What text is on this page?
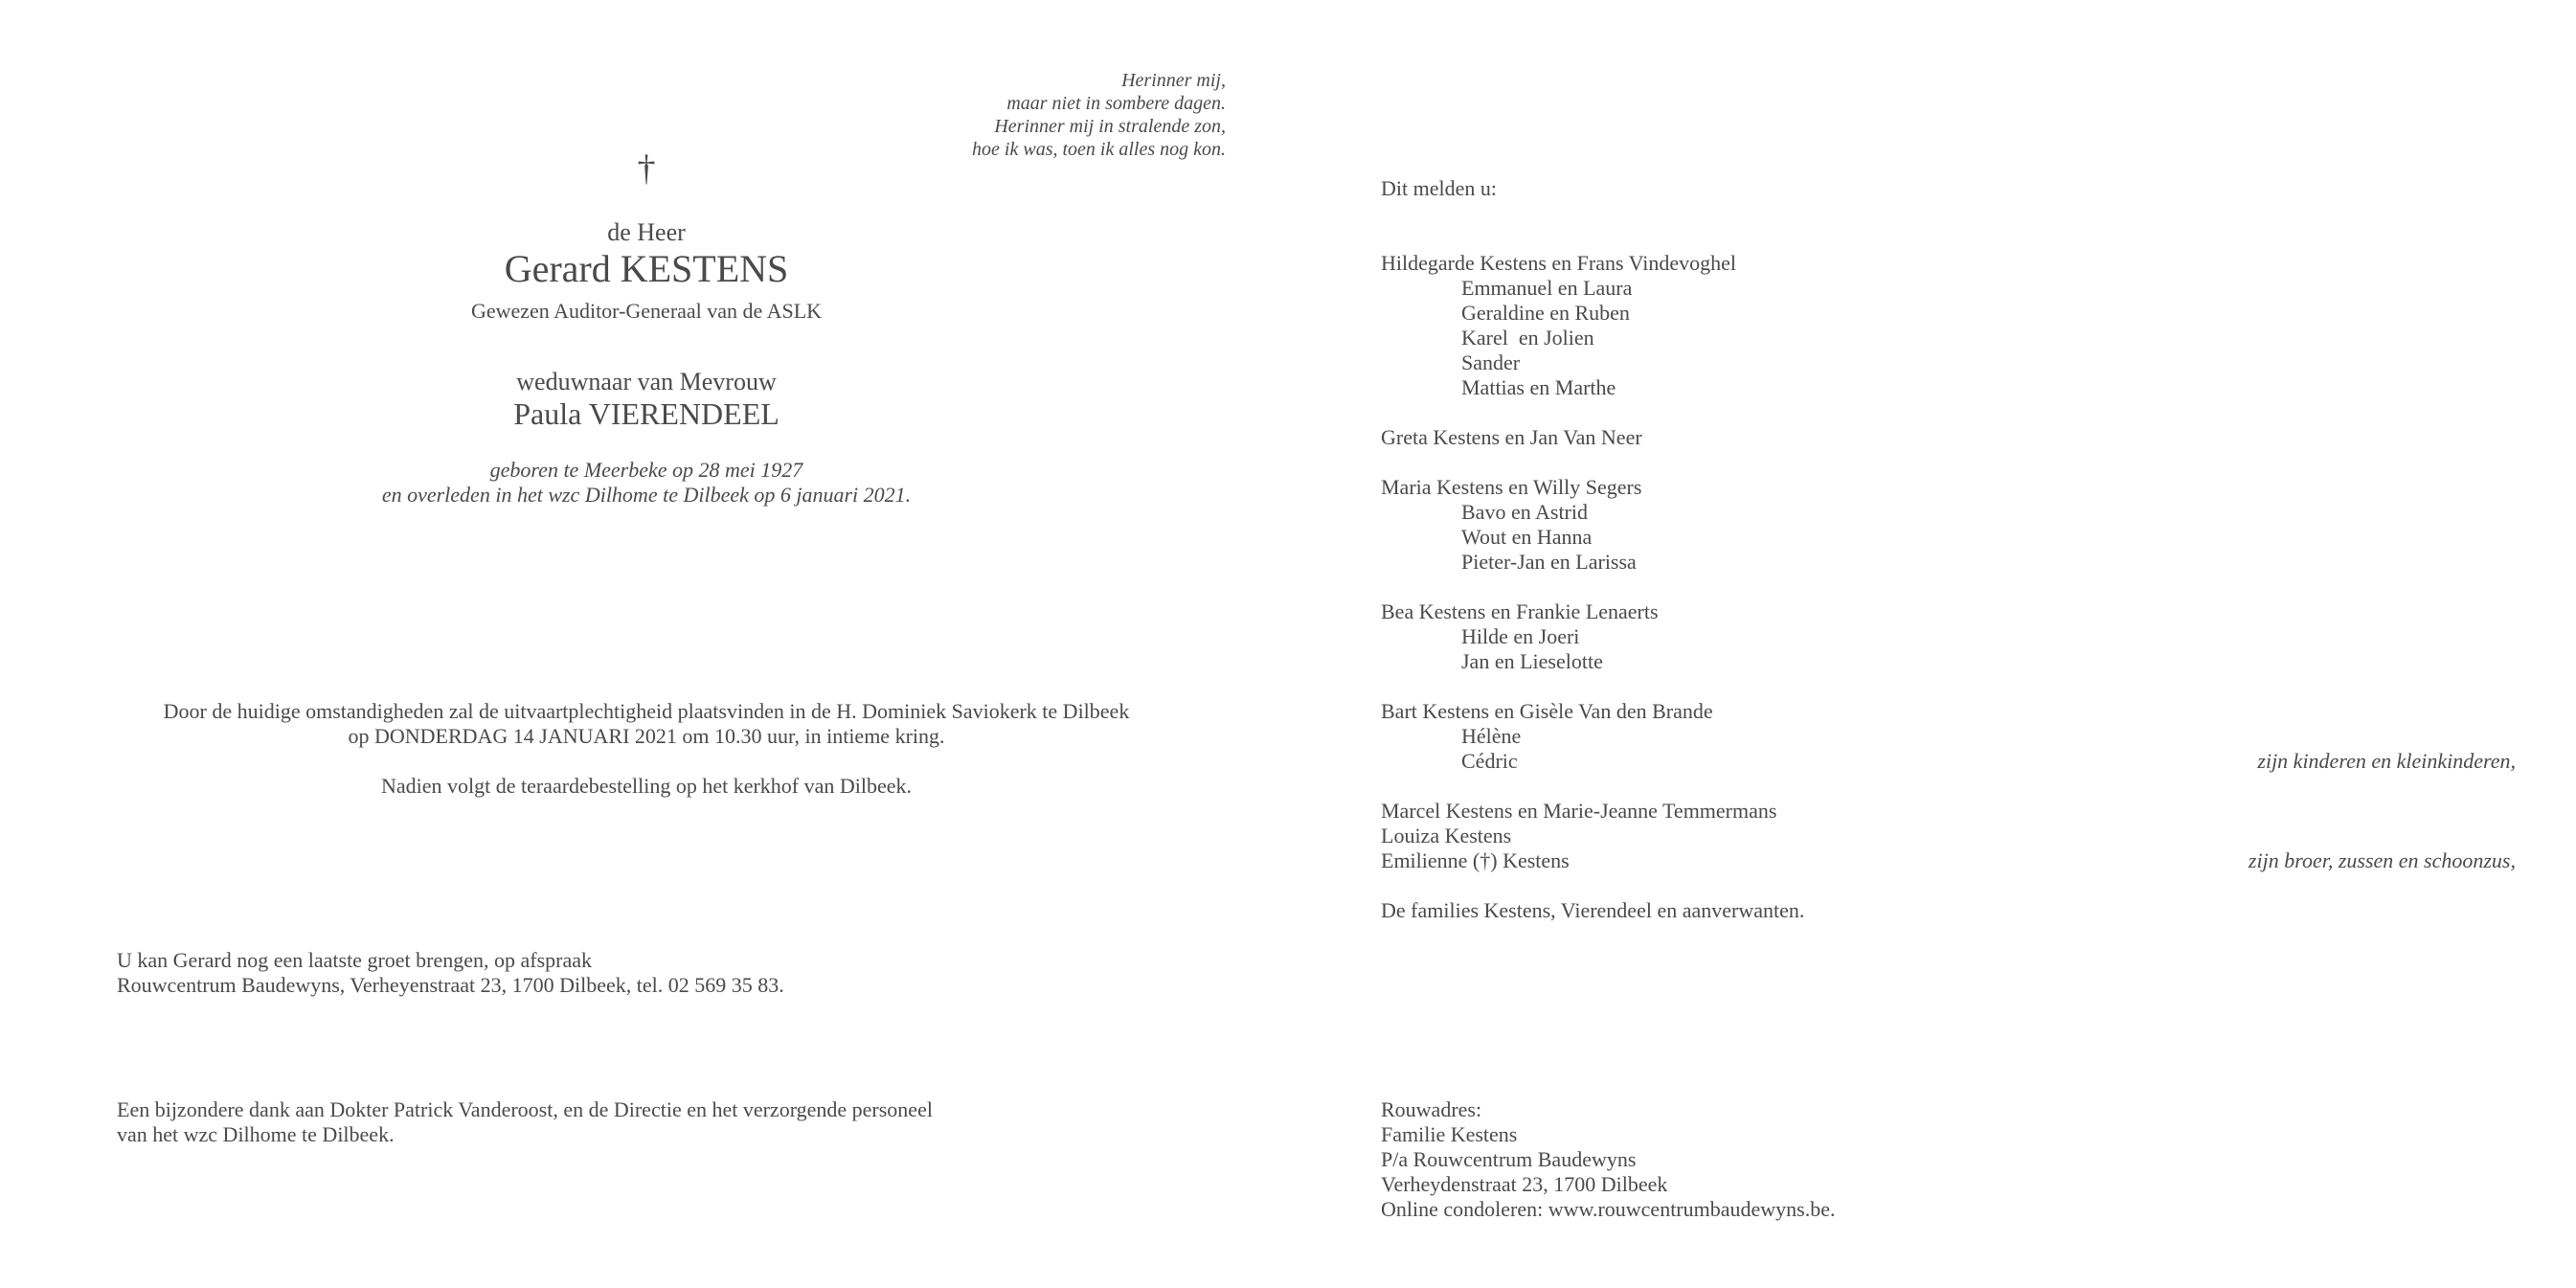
Herinner mij,
maar niet in sombere dagen.
Herinner mij in stralende zon,
hoe ik was, toen ik alles nog kon.
†
de Heer
Gerard KESTENS
Gewezen Auditor-Generaal van de ASLK
weduwnaar van Mevrouw
Paula VIERENDEEL
geboren te Meerbeke op 28 mei 1927
en overleden in het wzc Dilhome te Dilbeek op 6 januari 2021.
Door de huidige omstandigheden zal de uitvaartplechtigheid plaatsvinden in de H. Dominiek Saviokerk te Dilbeek
op DONDERDAG 14 JANUARI 2021 om 10.30 uur, in intieme kring.
Nadien volgt de teraardebestelling op het kerkhof van Dilbeek.
U kan Gerard nog een laatste groet brengen, op afspraak
Rouwcentrum Baudewyns, Verheyenstraat 23, 1700 Dilbeek, tel. 02 569 35 83.
Een bijzondere dank aan Dokter Patrick Vanderoost, en de Directie en het verzorgende personeel
van het wzc Dilhome te Dilbeek.
Dit melden u:
Hildegarde Kestens en Frans Vindevoghel
Emmanuel en Laura
Geraldine en Ruben
Karel  en Jolien
Sander
Mattias en Marthe
Greta Kestens en Jan Van Neer
Maria Kestens en Willy Segers
Bavo en Astrid
Wout en Hanna
Pieter-Jan en Larissa
Bea Kestens en Frankie Lenaerts
Hilde en Joeri
Jan en Lieselotte
Bart Kestens en Gisèle Van den Brande
Hélène
Cédric
Marcel Kestens en Marie-Jeanne Temmermans
Louiza Kestens
Emilienne (†) Kestens
De families Kestens, Vierendeel en aanverwanten.
zijn kinderen en kleinkinderen,
zijn broer, zussen en schoonzus,
Rouwadres:
Familie Kestens
P/a Rouwcentrum Baudewyns
Verheydenstraat 23, 1700 Dilbeek
Online condoleren: www.rouwcentrumbaudewyns.be.
